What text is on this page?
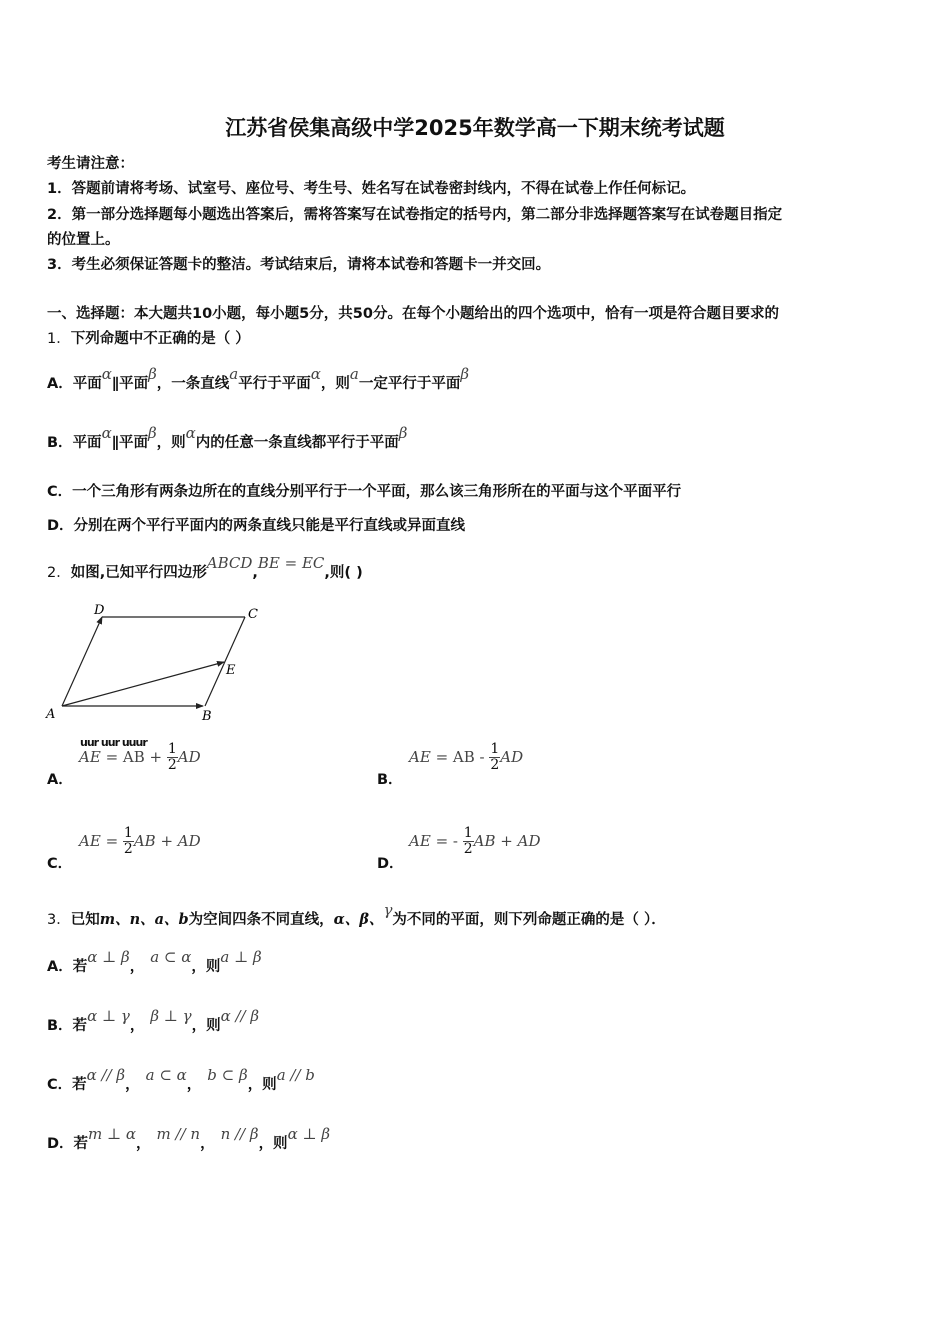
江苏省侯集高级中学2025年数学高一下期末统考试题
考生请注意：
1．答题前请将考场、试室号、座位号、考生号、姓名写在试卷密封线内，不得在试卷上作任何标记。
2．第一部分选择题每小题选出答案后，需将答案写在试卷指定的括号内，第二部分非选择题答案写在试卷题目指定
的位置上。
3．考生必须保证答题卡的整洁。考试结束后，请将本试卷和答题卡一并交回。
一、选择题：本大题共10小题，每小题5分，共50分。在每个小题给出的四个选项中，恰有一项是符合题目要求的
1．下列命题中不正确的是（ ）
A．平面α∥平面β，一条直线a平行于平面α，则a一定平行于平面β
B．平面α∥平面β，则α内的任意一条直线都平行于平面β
C．一个三角形有两条边所在的直线分别平行于一个平面，那么该三角形所在的平面与这个平面平行
D．分别在两个平行平面内的两条直线只能是平行直线或异面直线
2．如图,已知平行四边形ABCD,BE = EC,则( )
A	B
C
D
E
uur uur uuur
A．AE = AB + $\frac{1}{2}$ AD
B．AE = AB - $\frac{1}{2}$ AD
C．AE = $\frac{1}{2}$ AB + AD
D．AE = - $\frac{1}{2}$ AB + AD
3．已知m、n、a、b为空间四条不同直线，α、β、γ为不同的平面，则下列命题正确的是（ ）．
A．若α ⊥ β，a ⊂ α，则a ⊥ β
B．若α ⊥ γ，β ⊥ γ，则α // β
C．若α // β，a ⊂ α，b ⊂ β，则a // b
D．若m ⊥ α，m // n，n // β，则α ⊥ β
